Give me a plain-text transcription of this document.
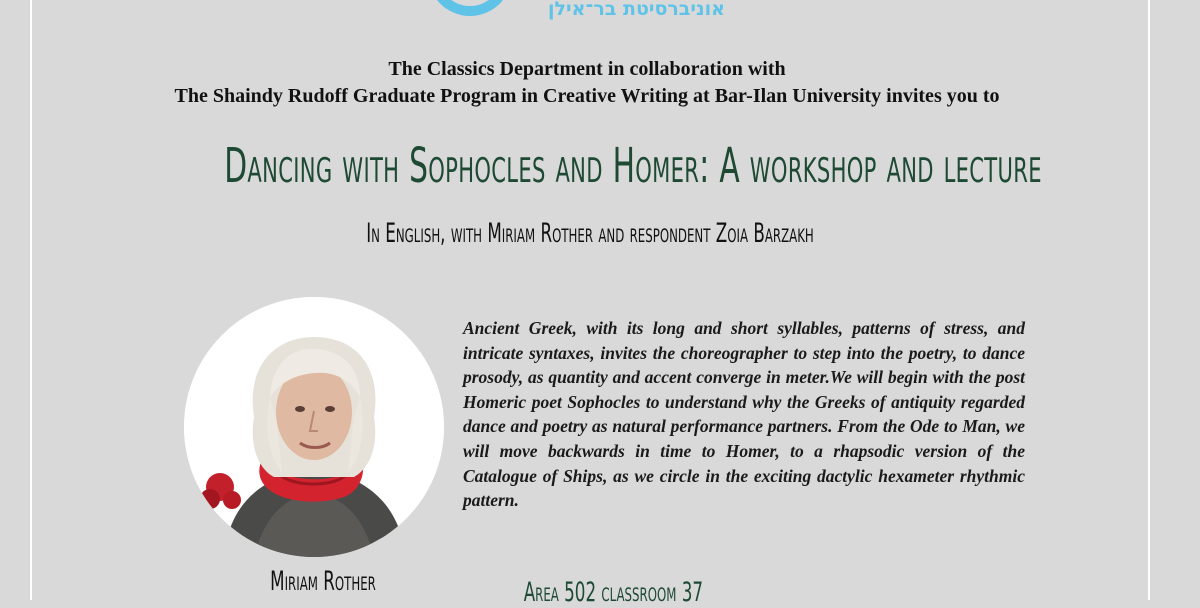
אוניברסיטת בר־אילן
The Classics Department in collaboration with
The Shaindy Rudoff Graduate Program in Creative Writing at Bar-Ilan University invites you to
Dancing with Sophocles and Homer: A workshop and lecture
In English, with Miriam Rother and respondent Zoia Barzakh
Miriam Rother

Ancient Greek, with its long and short syllables, patterns of stress, and intricate syntaxes, invites the choreographer to step into the poetry, to dance prosody, as quantity and accent converge in meter.We will begin with the post Homeric poet Sophocles to understand why the Greeks of antiquity regarded dance and poetry as natural performance partners. From the Ode to Man, we will move backwards in time to Homer, to a rhapsodic version of the Catalogue of Ships, as we circle in the exciting dactylic hexameter rhythmic pattern.

Area 502 classroom 37
